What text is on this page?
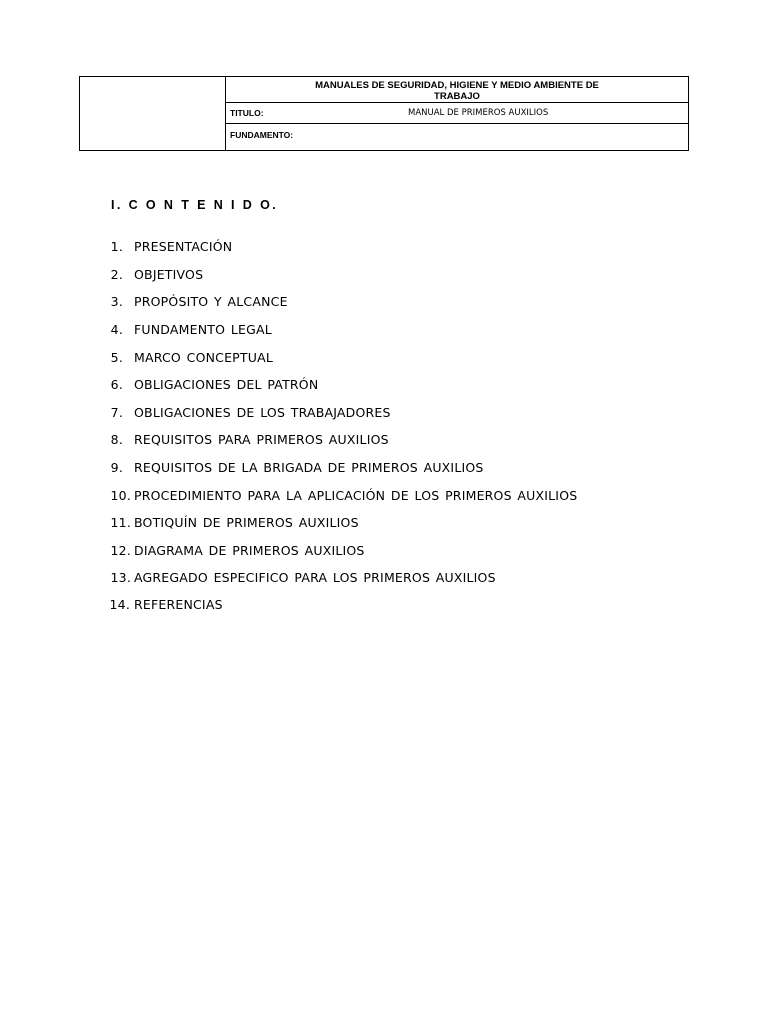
MANUALES DE SEGURIDAD, HIGIENE Y MEDIO AMBIENTE DE
TRABAJO
TITULO:	MANUAL DE PRIMEROS AUXILIOS
FUNDAMENTO:
I. C O N T E N I D O.
1. PRESENTACIÓN
2. OBJETIVOS
3. PROPÓSITO Y ALCANCE
4. FUNDAMENTO LEGAL
5. MARCO CONCEPTUAL
6. OBLIGACIONES DEL PATRÓN
7. OBLIGACIONES DE LOS TRABAJADORES
8. REQUISITOS PARA PRIMEROS AUXILIOS
9. REQUISITOS DE LA BRIGADA DE PRIMEROS AUXILIOS
10. PROCEDIMIENTO PARA LA APLICACIÓN DE LOS PRIMEROS AUXILIOS
11. BOTIQUÍN DE PRIMEROS AUXILIOS
12. DIAGRAMA DE PRIMEROS AUXILIOS
13. AGREGADO ESPECIFICO PARA LOS PRIMEROS AUXILIOS
14. REFERENCIAS
